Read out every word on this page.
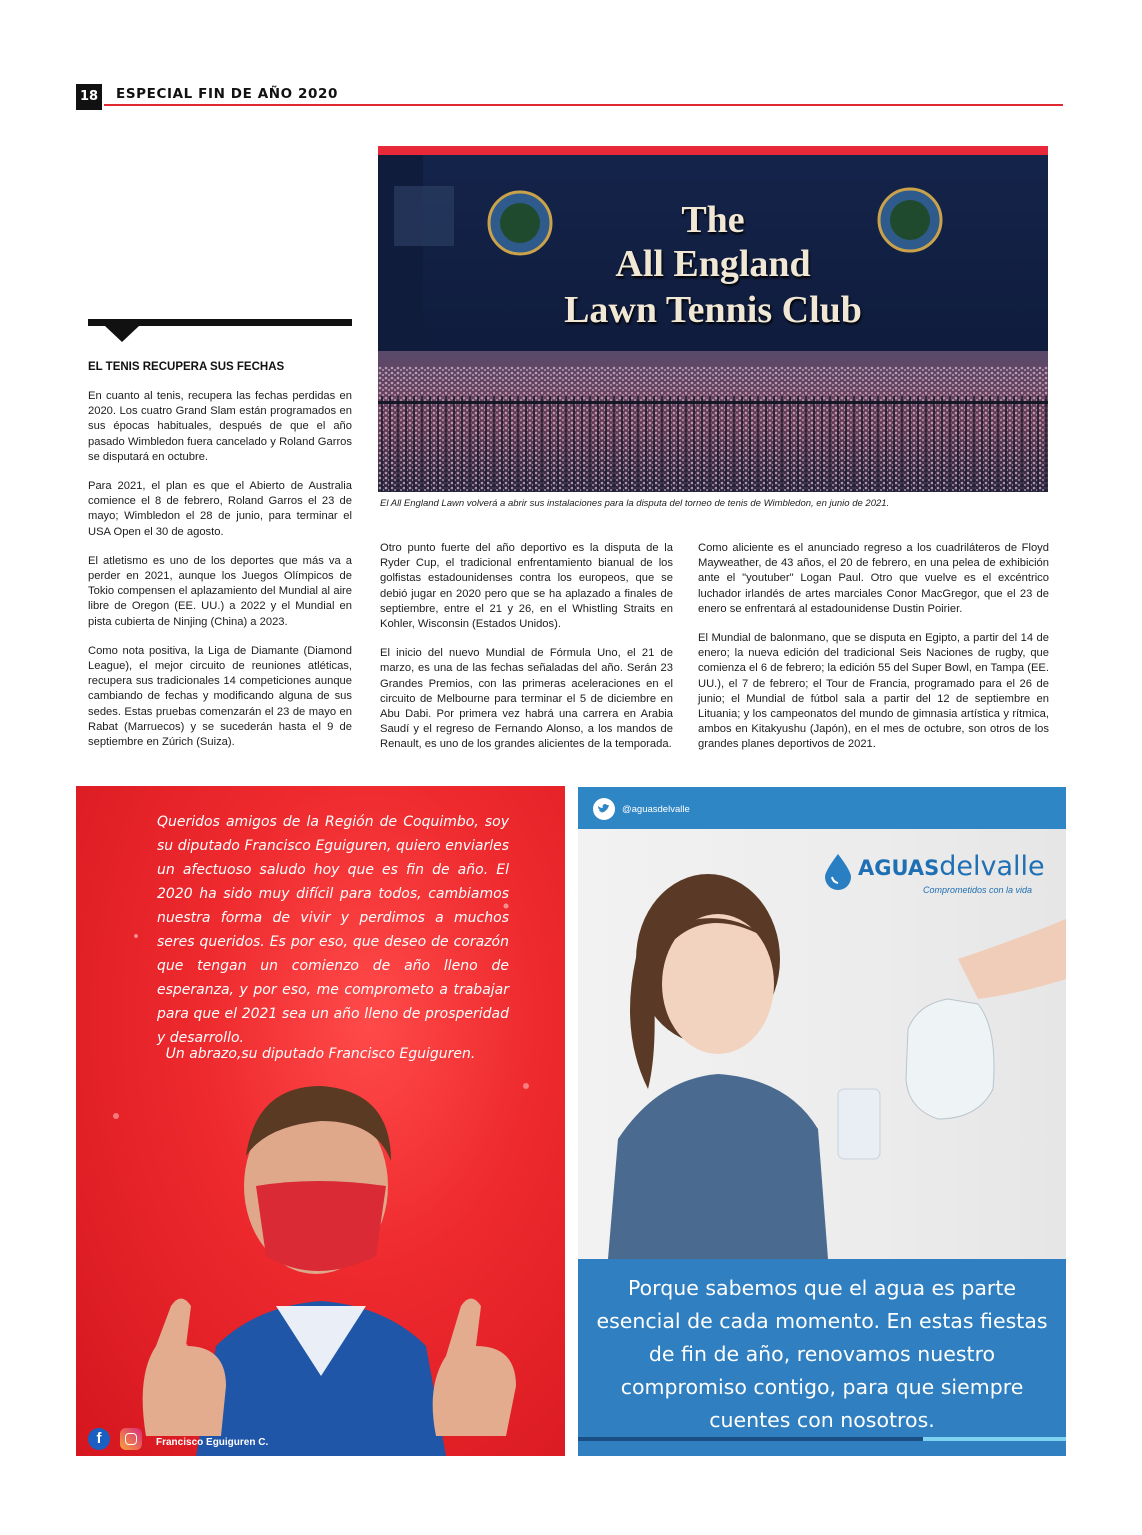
18 ESPECIAL FIN DE AÑO 2020
The
All England
Lawn Tennis Club
El All England Lawn volverá a abrir sus instalaciones para la disputa del torneo de tenis de Wimbledon, en junio de 2021.
EL TENIS RECUPERA SUS FECHAS

En cuanto al tenis, recupera las fechas perdidas en 2020. Los cuatro Grand Slam están programados en sus épocas habituales, después de que el año pasado Wimbledon fuera cancelado y Roland Garros se disputará en octubre.

Para 2021, el plan es que el Abierto de Australia comience el 8 de febrero, Roland Garros el 23 de mayo; Wimbledon el 28 de junio, para terminar el USA Open el 30 de agosto.

El atletismo es uno de los deportes que más va a perder en 2021, aunque los Juegos Olímpicos de Tokio compensen el aplazamiento del Mundial al aire libre de Oregon (EE. UU.) a 2022 y el Mundial en pista cubierta de Ninjing (China) a 2023.

Como nota positiva, la Liga de Diamante (Diamond League), el mejor circuito de reuniones atléticas, recupera sus tradicionales 14 competiciones aunque cambiando de fechas y modificando alguna de sus sedes. Estas pruebas comenzarán el 23 de mayo en Rabat (Marruecos) y se sucederán hasta el 9 de septiembre en Zúrich (Suiza).

Otro punto fuerte del año deportivo es la disputa de la Ryder Cup, el tradicional enfrentamiento bianual de los golfistas estadounidenses contra los europeos, que se debió jugar en 2020 pero que se ha aplazado a finales de septiembre, entre el 21 y 26, en el Whistling Straits en Kohler, Wisconsin (Estados Unidos).

El inicio del nuevo Mundial de Fórmula Uno, el 21 de marzo, es una de las fechas señaladas del año. Serán 23 Grandes Premios, con las primeras aceleraciones en el circuito de Melbourne para terminar el 5 de diciembre en Abu Dabi. Por primera vez habrá una carrera en Arabia Saudí y el regreso de Fernando Alonso, a los mandos de Renault, es uno de los grandes alicientes de la temporada.

Como aliciente es el anunciado regreso a los cuadriláteros de Floyd Mayweather, de 43 años, el 20 de febrero, en una pelea de exhibición ante el "youtuber" Logan Paul. Otro que vuelve es el excéntrico luchador irlandés de artes marciales Conor MacGregor, que el 23 de enero se enfrentará al estadounidense Dustin Poirier.

El Mundial de balonmano, que se disputa en Egipto, a partir del 14 de enero; la nueva edición del tradicional Seis Naciones de rugby, que comienza el 6 de febrero; la edición 55 del Super Bowl, en Tampa (EE. UU.), el 7 de febrero; el Tour de Francia, programado para el 26 de junio; el Mundial de fútbol sala a partir del 12 de septiembre en Lituania; y los campeonatos del mundo de gimnasia artística y rítmica, ambos en Kitakyushu (Japón), en el mes de octubre, son otros de los grandes planes deportivos de 2021.

Queridos amigos de la Región de Coquimbo, soy su diputado Francisco Eguiguren, quiero enviarles un afectuoso saludo hoy que es fin de año. El 2020 ha sido muy difícil para todos, cambiamos nuestra forma de vivir y perdimos a muchos seres queridos. Es por eso, que deseo de corazón que tengan un comienzo de año lleno de esperanza, y por eso, me comprometo a trabajar para que el 2021 sea un año lleno de prosperidad y desarrollo.
Un abrazo,su diputado Francisco Eguiguren.
f	Francisco Eguiguren C.
@aguasdelvalle
AGUASdelvalle
Comprometidos con la vida
Porque sabemos que el agua es parte esencial de cada momento. En estas fiestas de fin de año, renovamos nuestro compromiso contigo, para que siempre cuentes con nosotros.
